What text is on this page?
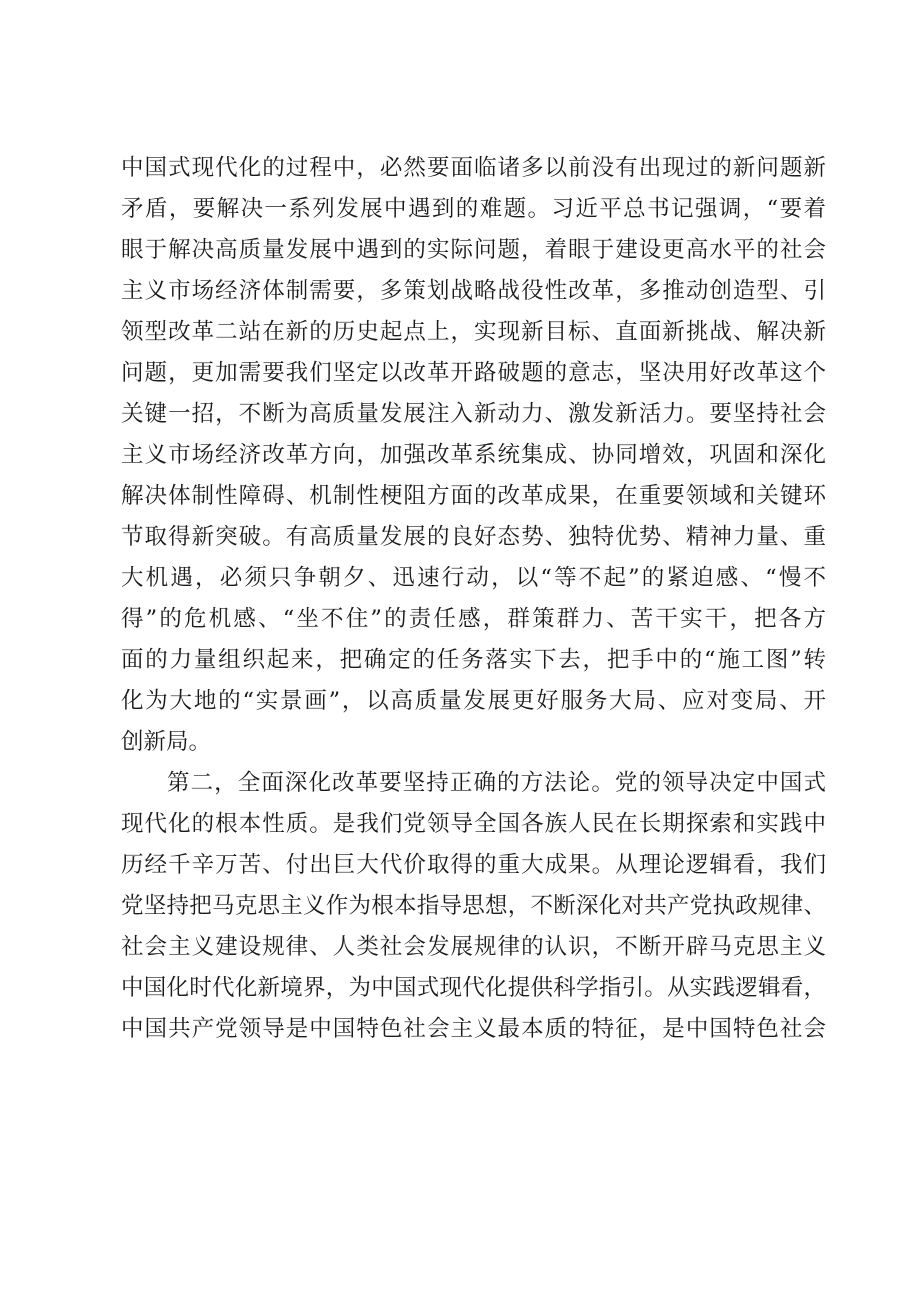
中国式现代化的过程中，必然要面临诸多以前没有出现过的新问题新
矛盾，要解决一系列发展中遇到的难题。习近平总书记强调，“要着
眼于解决高质量发展中遇到的实际问题，着眼于建设更高水平的社会
主义市场经济体制需要，多策划战略战役性改革，多推动创造型、引
领型改革二站在新的历史起点上，实现新目标、直面新挑战、解决新
问题，更加需要我们坚定以改革开路破题的意志，坚决用好改革这个
关键一招，不断为高质量发展注入新动力、激发新活力。要坚持社会
主义市场经济改革方向，加强改革系统集成、协同增效，巩固和深化
解决体制性障碍、机制性梗阻方面的改革成果，在重要领域和关键环
节取得新突破。有高质量发展的良好态势、独特优势、精神力量、重
大机遇，必须只争朝夕、迅速行动，以“等不起”的紧迫感、“慢不
得”的危机感、“坐不住”的责任感，群策群力、苦干实干，把各方
面的力量组织起来，把确定的任务落实下去，把手中的“施工图”转
化为大地的“实景画”，以高质量发展更好服务大局、应对变局、开
创新局。
第二，全面深化改革要坚持正确的方法论。党的领导决定中国式
现代化的根本性质。是我们党领导全国各族人民在长期探索和实践中
历经千辛万苦、付出巨大代价取得的重大成果。从理论逻辑看，我们
党坚持把马克思主义作为根本指导思想，不断深化对共产党执政规律、
社会主义建设规律、人类社会发展规律的认识，不断开辟马克思主义
中国化时代化新境界，为中国式现代化提供科学指引。从实践逻辑看，
中国共产党领导是中国特色社会主义最本质的特征，是中国特色社会
